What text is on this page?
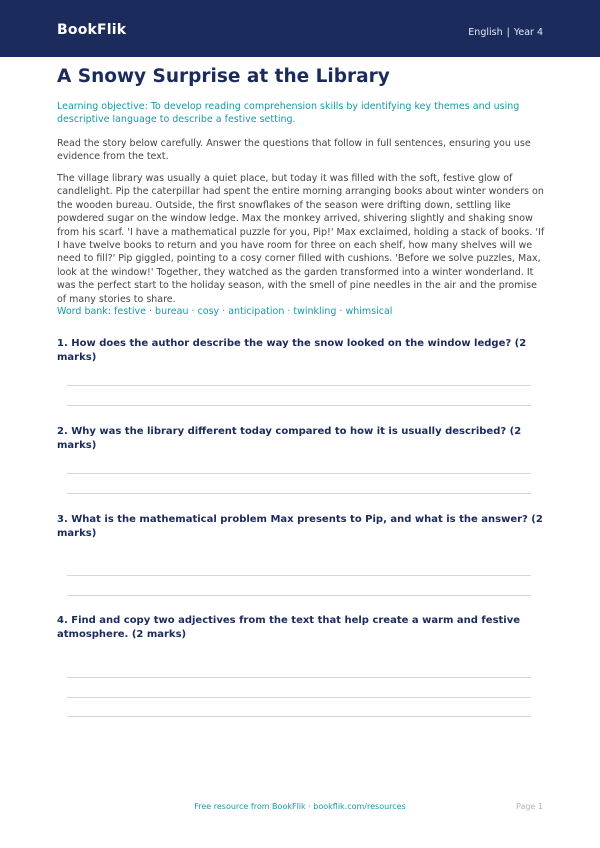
BookFlik	English | Year 4
A Snowy Surprise at the Library
Learning objective: To develop reading comprehension skills by identifying key themes and using descriptive language to describe a festive setting.
Read the story below carefully. Answer the questions that follow in full sentences, ensuring you use evidence from the text.
The village library was usually a quiet place, but today it was filled with the soft, festive glow of candlelight. Pip the caterpillar had spent the entire morning arranging books about winter wonders on the wooden bureau. Outside, the first snowflakes of the season were drifting down, settling like powdered sugar on the window ledge. Max the monkey arrived, shivering slightly and shaking snow from his scarf. 'I have a mathematical puzzle for you, Pip!' Max exclaimed, holding a stack of books. 'If I have twelve books to return and you have room for three on each shelf, how many shelves will we need to fill?' Pip giggled, pointing to a cosy corner filled with cushions. 'Before we solve puzzles, Max, look at the window!' Together, they watched as the garden transformed into a winter wonderland. It was the perfect start to the holiday season, with the smell of pine needles in the air and the promise of many stories to share.
Word bank: festive · bureau · cosy · anticipation · twinkling · whimsical
1. How does the author describe the way the snow looked on the window ledge? (2 marks)
2. Why was the library different today compared to how it is usually described? (2 marks)
3. What is the mathematical problem Max presents to Pip, and what is the answer? (2 marks)
4. Find and copy two adjectives from the text that help create a warm and festive atmosphere. (2 marks)
Free resource from BookFlik · bookflik.com/resources	Page 1
